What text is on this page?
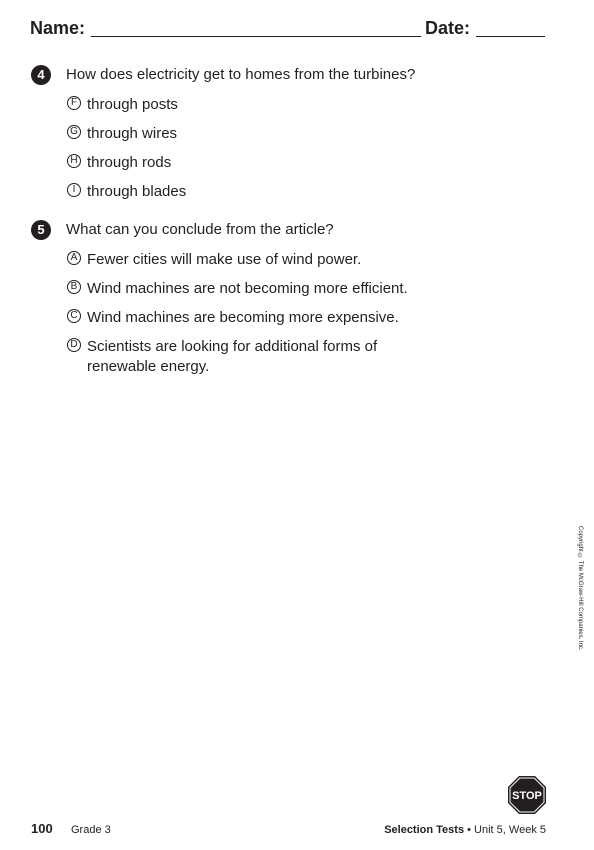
Name:	Date:
4	How does electricity get to homes from the turbines?
F through posts
G through wires
H through rods
I through blades
5	What can you conclude from the article?
A Fewer cities will make use of wind power.
B Wind machines are not becoming more efficient.
C Wind machines are becoming more expensive.
D Scientists are looking for additional forms of renewable energy.
Copyright © The McGraw-Hill Companies, Inc.
STOP
100 Grade 3	Selection Tests • Unit 5, Week 5
